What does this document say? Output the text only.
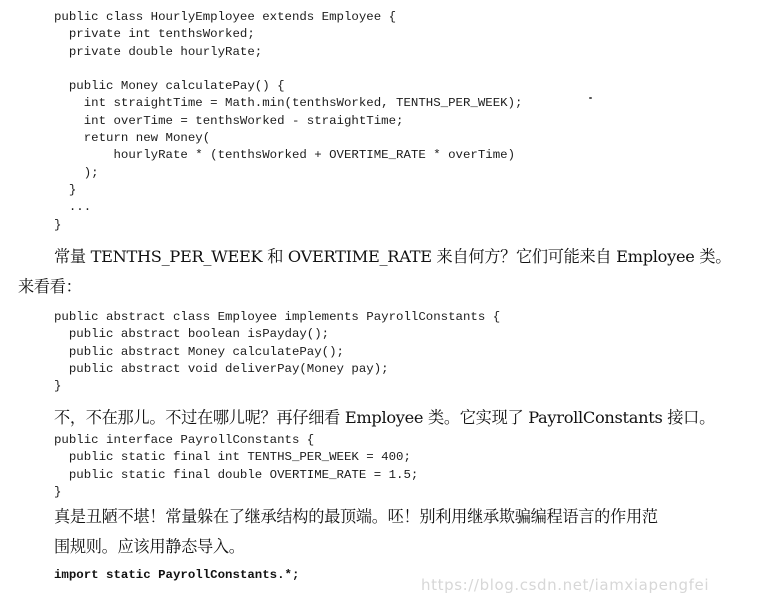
public class HourlyEmployee extends Employee {
private int tenthsWorked;
private double hourlyRate;
public Money calculatePay() {
int straightTime = Math.min(tenthsWorked, TENTHS_PER_WEEK);
int overTime = tenthsWorked - straightTime;
return new Money(
hourlyRate * (tenthsWorked + OVERTIME_RATE * overTime)
);
}
...
}
常量 TENTHS_PER_WEEK 和 OVERTIME_RATE 来自何方？它们可能来自 Employee 类。
来看看：
public abstract class Employee implements PayrollConstants {
public abstract boolean isPayday();
public abstract Money calculatePay();
public abstract void deliverPay(Money pay);
}
不，不在那儿。不过在哪儿呢？再仔细看 Employee 类。它实现了 PayrollConstants 接口。
public interface PayrollConstants {
public static final int TENTHS_PER_WEEK = 400;
public static final double OVERTIME_RATE = 1.5;
}
真是丑陋不堪！常量躲在了继承结构的最顶端。呸！别利用继承欺骗编程语言的作用范
围规则。应该用静态导入。
import static PayrollConstants.*;
https://blog.csdn.net/iamxiapengfei
